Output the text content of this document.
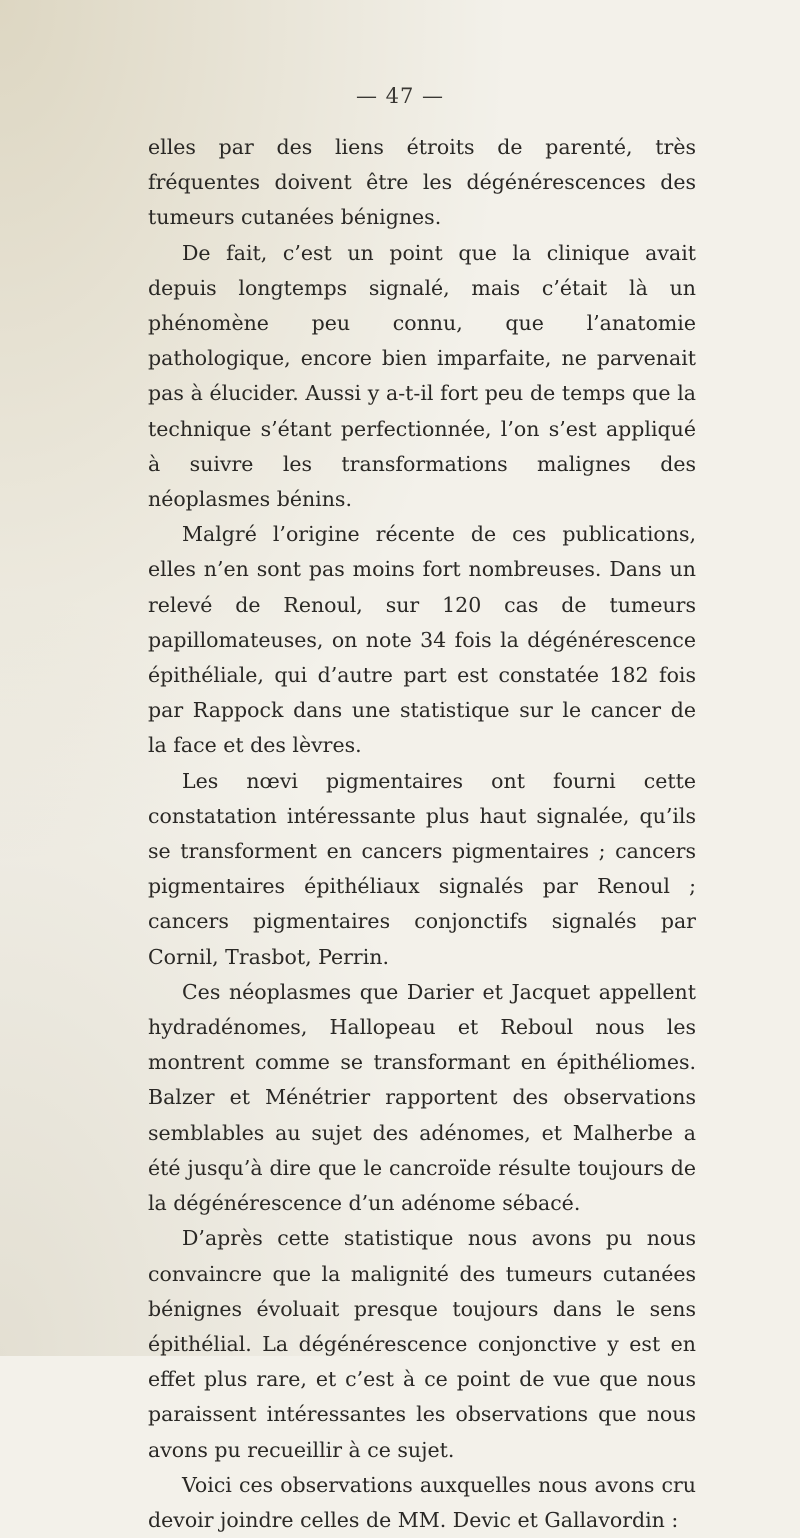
— 47 —

elles par des liens étroits de parenté, très fréquentes doivent être les dégénérescences des tumeurs cutanées bénignes.

De fait, c’est un point que la clinique avait depuis longtemps signalé, mais c’était là un phénomène peu connu, que l’anatomie pathologique, encore bien imparfaite, ne parvenait pas à élucider. Aussi y a-t-il fort peu de temps que la technique s’étant perfectionnée, l’on s’est appliqué à suivre les transformations malignes des néoplasmes bénins.

Malgré l’origine récente de ces publications, elles n’en sont pas moins fort nombreuses. Dans un relevé de Renoul, sur 120 cas de tumeurs papillomateuses, on note 34 fois la dégénérescence épithéliale, qui d’autre part est constatée 182 fois par Rappock dans une statistique sur le cancer de la face et des lèvres.

Les nœvi pigmentaires ont fourni cette constatation intéressante plus haut signalée, qu’ils se transforment en cancers pigmentaires ; cancers pigmentaires épithéliaux signalés par Renoul ; cancers pigmentaires conjonctifs signalés par Cornil, Trasbot, Perrin.

Ces néoplasmes que Darier et Jacquet appellent hydradénomes, Hallopeau et Reboul nous les montrent comme se transformant en épithéliomes. Balzer et Ménétrier rapportent des observations semblables au sujet des adénomes, et Malherbe a été jusqu’à dire que le cancroïde résulte toujours de la dégénérescence d’un adénome sébacé.

D’après cette statistique nous avons pu nous convaincre que la malignité des tumeurs cutanées bénignes évoluait presque toujours dans le sens épithélial. La dégénérescence conjonctive y est en effet plus rare, et c’est à ce point de vue que nous paraissent intéressantes les observations que nous avons pu recueillir à ce sujet.

Voici ces observations auxquelles nous avons cru devoir joindre celles de MM. Devic et Gallavordin :
